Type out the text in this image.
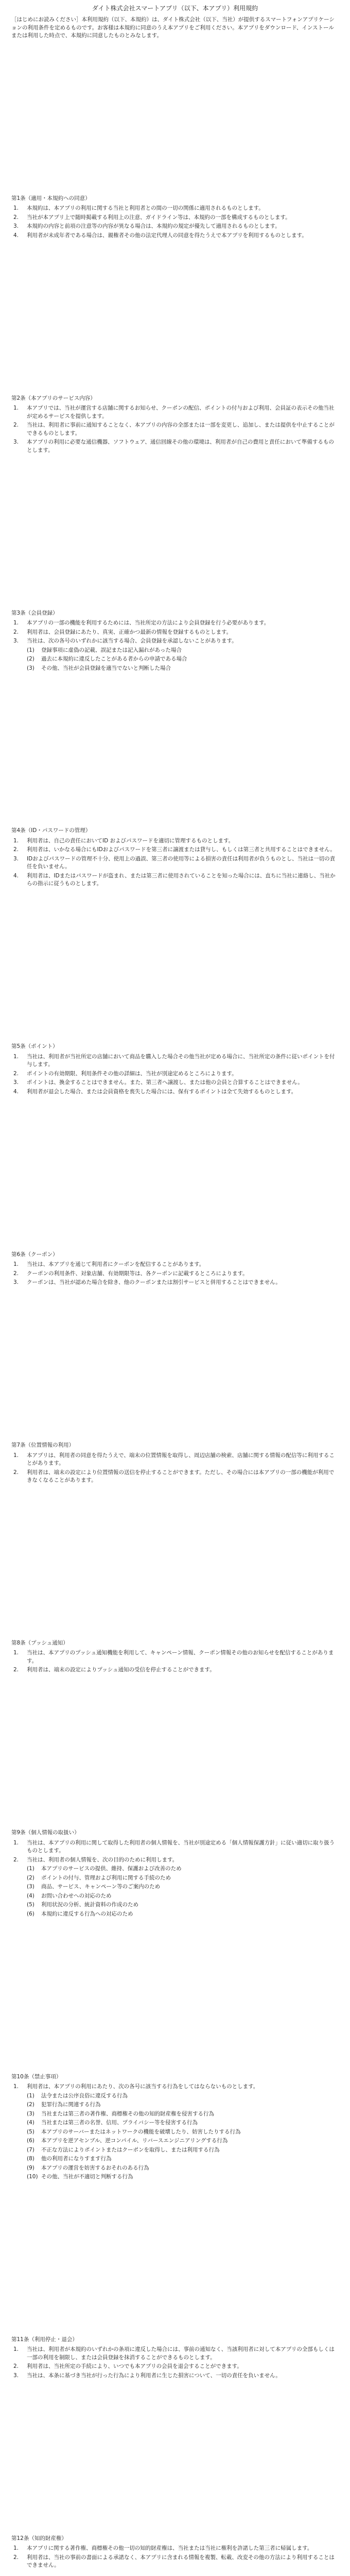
ダイト株式会社スマートアプリ（以下、本アプリ）利用規約

［はじめにお読みください］本利用規約（以下、本規約）は、ダイト株式会社（以下、当社）が提供するスマートフォンアプリケーションの利用条件を定めるものです。お客様は本規約に同意のうえ本アプリをご利用ください。本アプリをダウンロード、インストールまたは利用した時点で、本規約に同意したものとみなします。

第1条（適用・本規約への同意）

1.	本規約は、本アプリの利用に関する当社と利用者との間の一切の関係に適用されるものとします。
2.	当社が本アプリ上で随時掲載する利用上の注意、ガイドライン等は、本規約の一部を構成するものとします。
3.	本規約の内容と前項の注意等の内容が異なる場合は、本規約の規定が優先して適用されるものとします。
4.	利用者が未成年者である場合は、親権者その他の法定代理人の同意を得たうえで本アプリを利用するものとします。

第2条（本アプリのサービス内容）

1.	本アプリでは、当社が運営する店舗に関するお知らせ、クーポンの配信、ポイントの付与および利用、会員証の表示その他当社が定めるサービスを提供します。
2.	当社は、利用者に事前に通知することなく、本アプリの内容の全部または一部を変更し、追加し、または提供を中止することができるものとします。
3.	本アプリの利用に必要な通信機器、ソフトウェア、通信回線その他の環境は、利用者が自己の費用と責任において準備するものとします。

第3条（会員登録）

1.	本アプリの一部の機能を利用するためには、当社所定の方法により会員登録を行う必要があります。
2.	利用者は、会員登録にあたり、真実、正確かつ最新の情報を登録するものとします。
3.	当社は、次の各号のいずれかに該当する場合、会員登録を承認しないことがあります。
(1)	登録事項に虚偽の記載、誤記または記入漏れがあった場合
(2)	過去に本規約に違反したことがある者からの申請である場合
(3)	その他、当社が会員登録を適当でないと判断した場合

第4条（ID・パスワードの管理）

1.	利用者は、自己の責任においてID およびパスワードを適切に管理するものとします。
2.	利用者は、いかなる場合にもIDおよびパスワードを第三者に譲渡または貸与し、もしくは第三者と共用することはできません。
3.	IDおよびパスワードの管理不十分、使用上の過誤、第三者の使用等による損害の責任は利用者が負うものとし、当社は一切の責任を負いません。
4.	利用者は、IDまたはパスワードが盗まれ、または第三者に使用されていることを知った場合には、直ちに当社に連絡し、当社からの指示に従うものとします。

第5条（ポイント）

1.	当社は、利用者が当社所定の店舗において商品を購入した場合その他当社が定める場合に、当社所定の条件に従いポイントを付与します。
2.	ポイントの有効期限、利用条件その他の詳細は、当社が別途定めるところによります。
3.	ポイントは、換金することはできません。また、第三者へ譲渡し、または他の会員と合算することはできません。
4.	利用者が退会した場合、または会員資格を喪失した場合には、保有するポイントは全て失効するものとします。

第6条（クーポン）

1.	当社は、本アプリを通じて利用者にクーポンを配信することがあります。
2.	クーポンの利用条件、対象店舗、有効期限等は、各クーポンに記載するところによります。
3.	クーポンは、当社が認めた場合を除き、他のクーポンまたは割引サービスと併用することはできません。

第7条（位置情報の利用）

1.	本アプリは、利用者の同意を得たうえで、端末の位置情報を取得し、周辺店舗の検索、店舗に関する情報の配信等に利用することがあります。
2.	利用者は、端末の設定により位置情報の送信を停止することができます。ただし、その場合には本アプリの一部の機能が利用できなくなることがあります。

第8条（プッシュ通知）

1.	当社は、本アプリのプッシュ通知機能を利用して、キャンペーン情報、クーポン情報その他のお知らせを配信することがあります。
2.	利用者は、端末の設定によりプッシュ通知の受信を停止することができます。

第9条（個人情報の取扱い）

1.	当社は、本アプリの利用に関して取得した利用者の個人情報を、当社が別途定める「個人情報保護方針」に従い適切に取り扱うものとします。
2.	当社は、利用者の個人情報を、次の目的のために利用します。
(1)	本アプリのサービスの提供、維持、保護および改善のため
(2)	ポイントの付与、管理および利用に関する手続のため
(3)	商品、サービス、キャンペーン等のご案内のため
(4)	お問い合わせへの対応のため
(5)	利用状況の分析、統計資料の作成のため
(6)	本規約に違反する行為への対応のため

第10条（禁止事項）

1.	利用者は、本アプリの利用にあたり、次の各号に該当する行為をしてはならないものとします。
(1)	法令または公序良俗に違反する行為
(2)	犯罪行為に関連する行為
(3)	当社または第三者の著作権、商標権その他の知的財産権を侵害する行為
(4)	当社または第三者の名誉、信用、プライバシー等を侵害する行為
(5)	本アプリのサーバーまたはネットワークの機能を破壊したり、妨害したりする行為
(6)	本アプリを逆アセンブル、逆コンパイル、リバースエンジニアリングする行為
(7)	不正な方法によりポイントまたはクーポンを取得し、または利用する行為
(8)	他の利用者になりすます行為
(9)	本アプリの運営を妨害するおそれのある行為
(10) その他、当社が不適切と判断する行為

第11条（利用停止・退会）

1.	当社は、利用者が本規約のいずれかの条項に違反した場合には、事前の通知なく、当該利用者に対して本アプリの全部もしくは一部の利用を制限し、または会員登録を抹消することができるものとします。
2.	利用者は、当社所定の手続により、いつでも本アプリの会員を退会することができます。
3.	当社は、本条に基づき当社が行った行為により利用者に生じた損害について、一切の責任を負いません。

第12条（知的財産権）

1.	本アプリに関する著作権、商標権その他一切の知的財産権は、当社または当社に権利を許諾した第三者に帰属します。
2.	利用者は、当社の事前の書面による承諾なく、本アプリに含まれる情報を複製、転載、改変その他の方法により利用することはできません。
